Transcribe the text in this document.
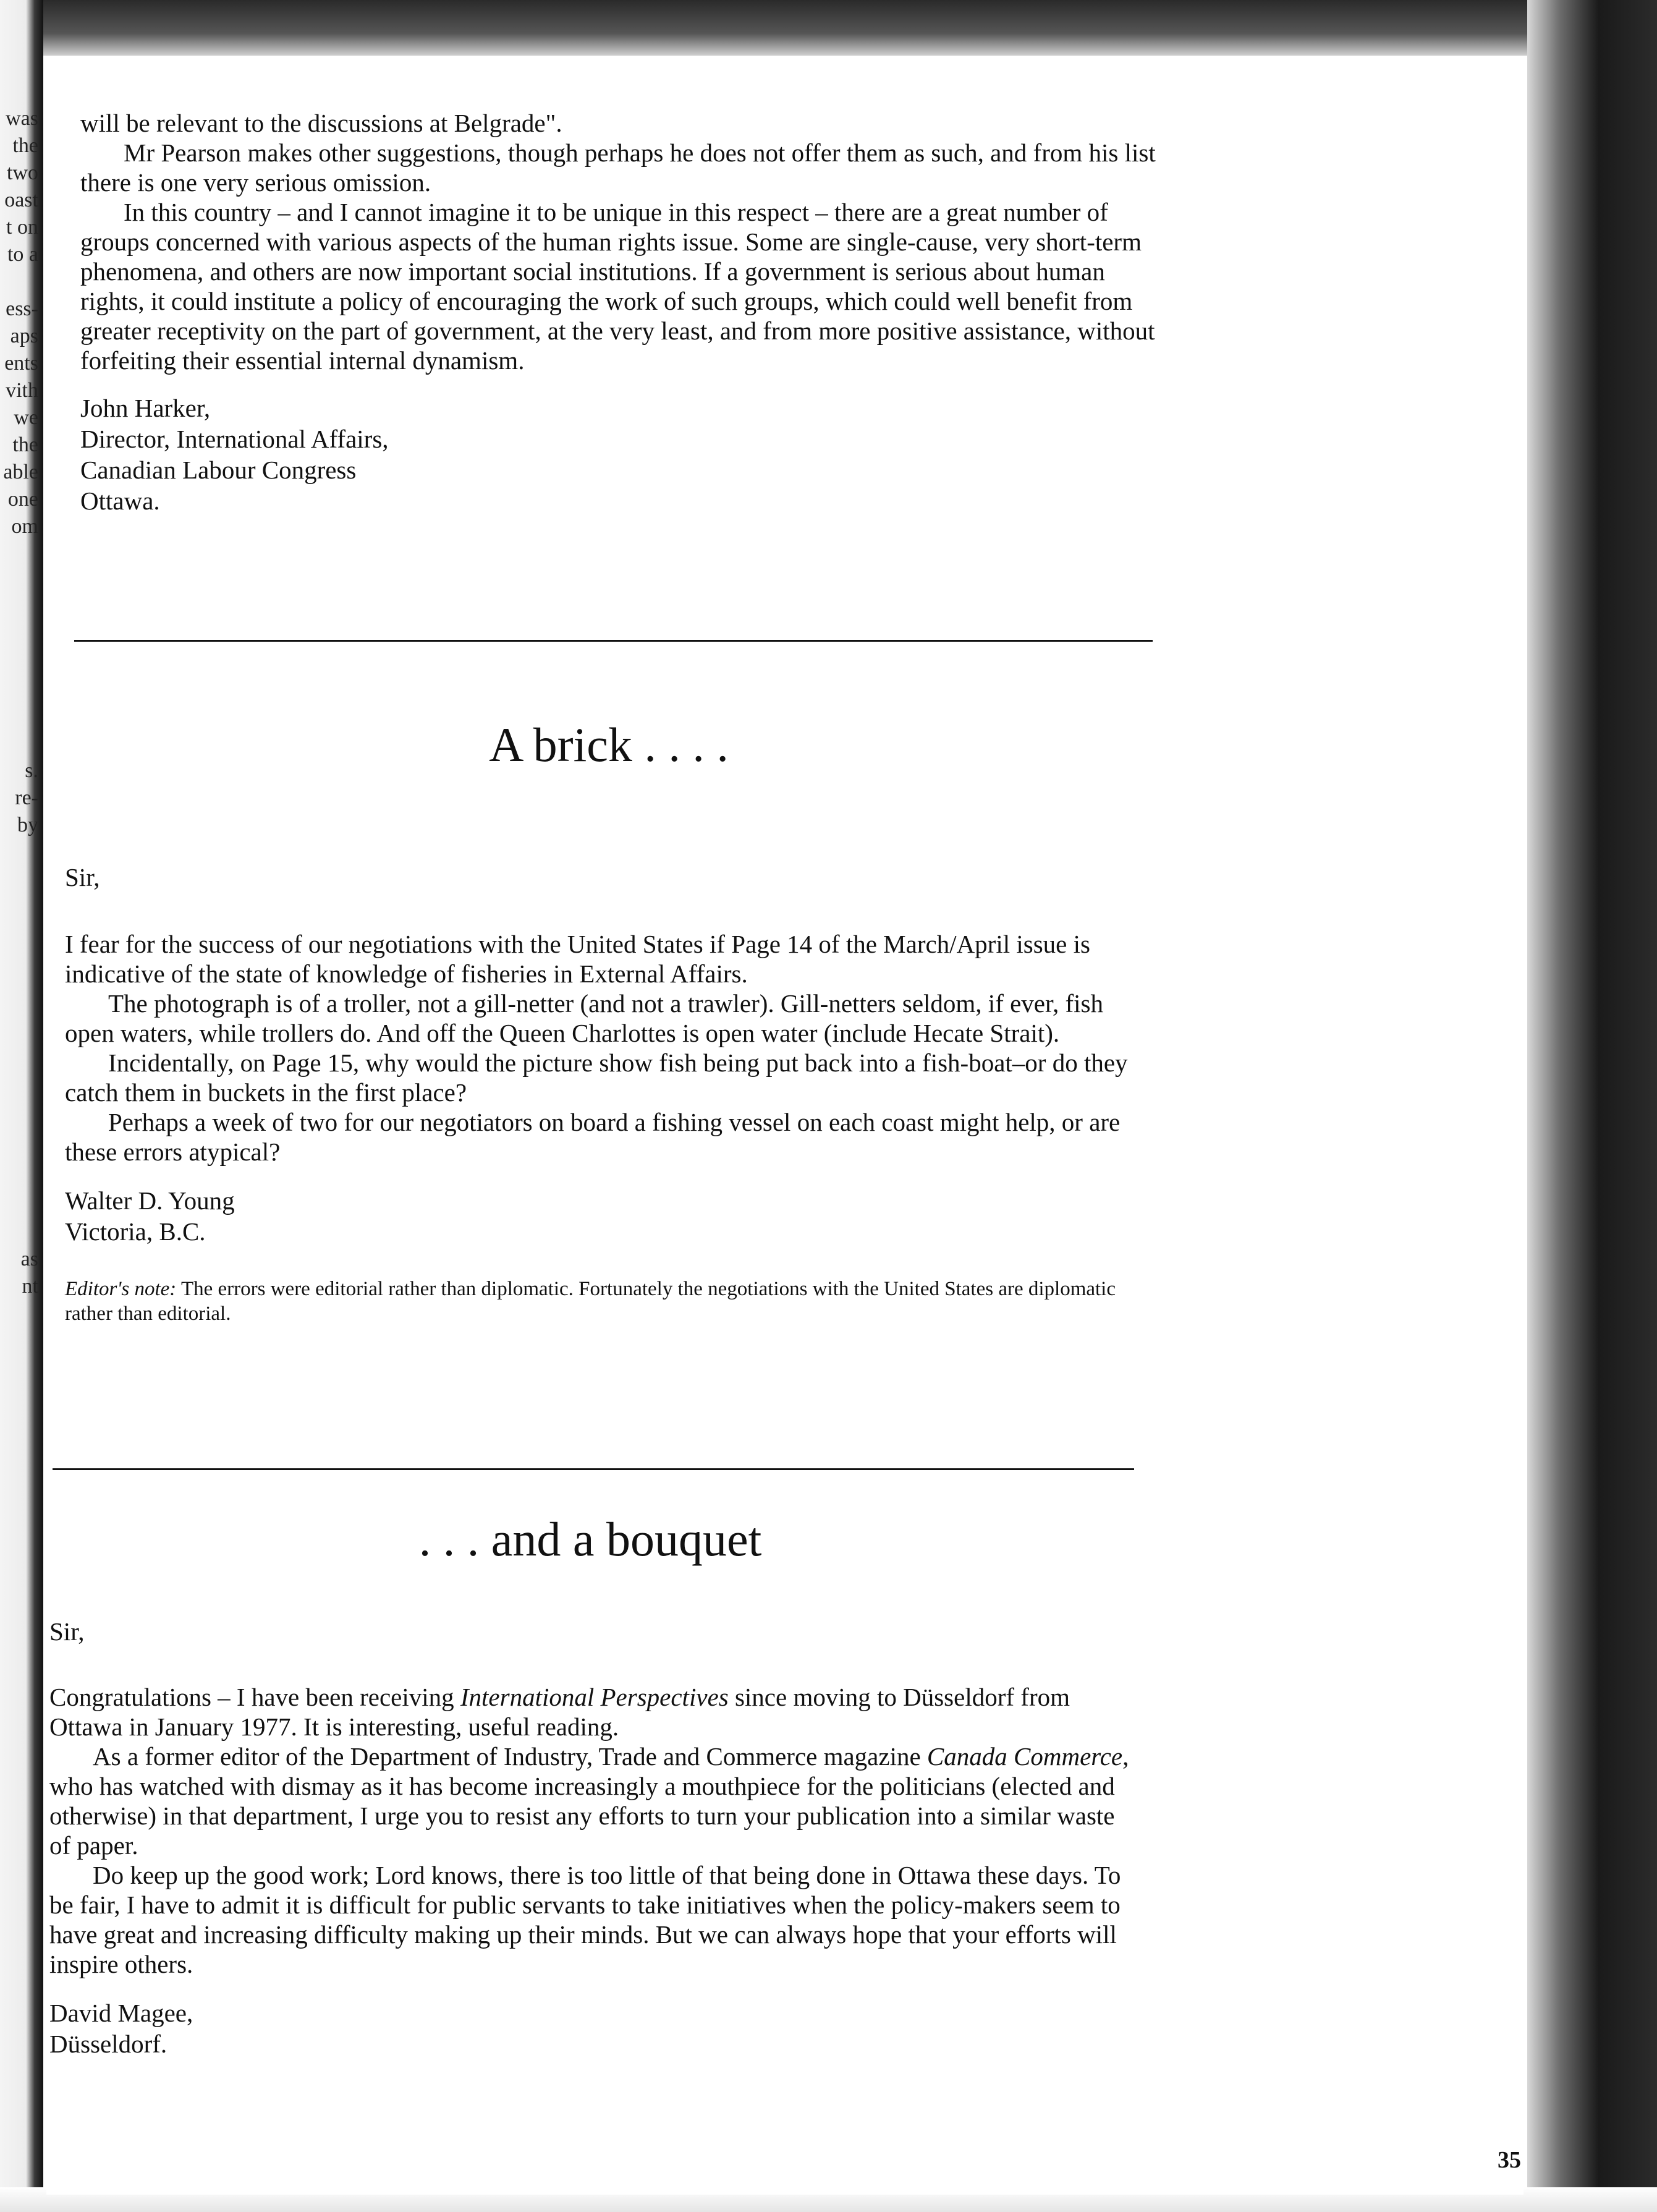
was
the
two
oast
t on
to a

ess-
aps
ents
vith
we
the
able
one
om
s.
re-
by
as
nt

will be relevant to the discussions at Belgrade".

Mr Pearson makes other suggestions, though perhaps he does not offer them as such, and from his list there is one very serious omission.

In this country – and I cannot imagine it to be unique in this respect – there are a great number of groups concerned with various aspects of the human rights issue. Some are single-cause, very short-term phenomena, and others are now important social institutions. If a government is serious about human rights, it could institute a policy of encouraging the work of such groups, which could well benefit from greater receptivity on the part of government, at the very least, and from more positive assistance, without forfeiting their essential internal dynamism.

John Harker,
Director, International Affairs,
Canadian Labour Congress
Ottawa.
A brick . . . .

Sir,

I fear for the success of our negotiations with the United States if Page 14 of the March/April issue is indicative of the state of knowledge of fisheries in External Affairs.

The photograph is of a troller, not a gill-netter (and not a trawler). Gill-netters seldom, if ever, fish open waters, while trollers do. And off the Queen Charlottes is open water (include Hecate Strait).

Incidentally, on Page 15, why would the picture show fish being put back into a fish-boat–or do they catch them in buckets in the first place?

Perhaps a week of two for our negotiators on board a fishing vessel on each coast might help, or are these errors atypical?

Walter D. Young
Victoria, B.C.

Editor's note: The errors were editorial rather than diplomatic. Fortunately the negotiations with the United States are diplomatic rather than editorial.

. . . and a bouquet

Sir,

Congratulations – I have been receiving International Perspectives since moving to Düsseldorf from Ottawa in January 1977. It is interesting, useful reading.

As a former editor of the Department of Industry, Trade and Commerce magazine Canada Commerce, who has watched with dismay as it has become increasingly a mouthpiece for the politicians (elected and otherwise) in that department, I urge you to resist any efforts to turn your publication into a similar waste of paper.

Do keep up the good work; Lord knows, there is too little of that being done in Ottawa these days. To be fair, I have to admit it is difficult for public servants to take initiatives when the policy-makers seem to have great and increasing difficulty making up their minds. But we can always hope that your efforts will inspire others.

David Magee,
Düsseldorf.
35
